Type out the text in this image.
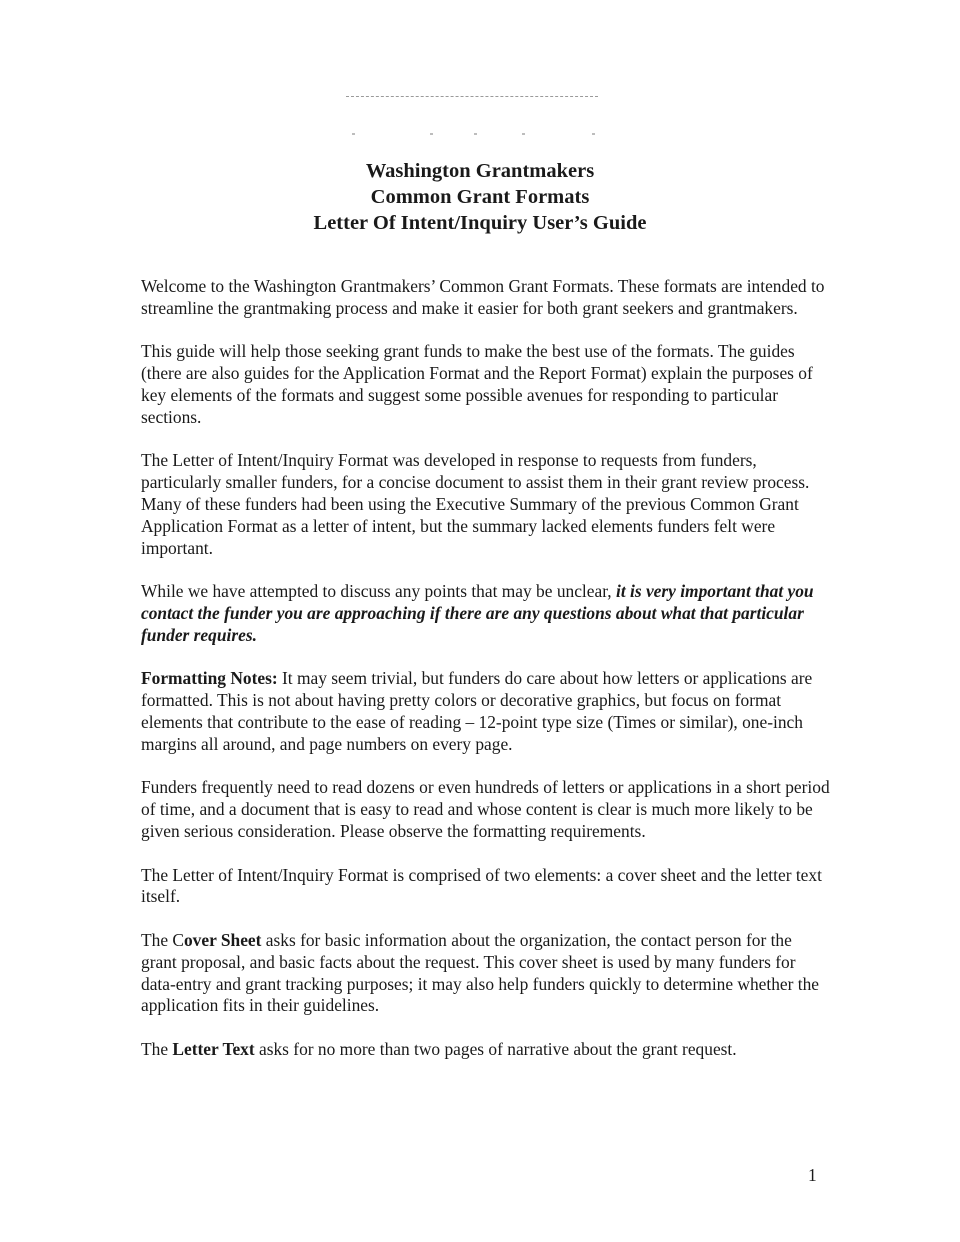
Washington Grantmakers
Common Grant Formats
Letter Of Intent/Inquiry User’s Guide

Welcome to the Washington Grantmakers’ Common Grant Formats. These formats are intended to streamline the grantmaking process and make it easier for both grant seekers and grantmakers.

This guide will help those seeking grant funds to make the best use of the formats. The guides (there are also guides for the Application Format and the Report Format) explain the purposes of key elements of the formats and suggest some possible avenues for responding to particular sections.

The Letter of Intent/Inquiry Format was developed in response to requests from funders, particularly smaller funders, for a concise document to assist them in their grant review process. Many of these funders had been using the Executive Summary of the previous Common Grant Application Format as a letter of intent, but the summary lacked elements funders felt were important.

While we have attempted to discuss any points that may be unclear, it is very important that you contact the funder you are approaching if there are any questions about what that particular funder requires.

Formatting Notes: It may seem trivial, but funders do care about how letters or applications are formatted. This is not about having pretty colors or decorative graphics, but focus on format elements that contribute to the ease of reading – 12-point type size (Times or similar), one-inch margins all around, and page numbers on every page.

Funders frequently need to read dozens or even hundreds of letters or applications in a short period of time, and a document that is easy to read and whose content is clear is much more likely to be given serious consideration. Please observe the formatting requirements.

The Letter of Intent/Inquiry Format is comprised of two elements: a cover sheet and the letter text itself.

The Cover Sheet asks for basic information about the organization, the contact person for the grant proposal, and basic facts about the request. This cover sheet is used by many funders for data-entry and grant tracking purposes; it may also help funders quickly to determine whether the application fits in their guidelines.

The Letter Text asks for no more than two pages of narrative about the grant request.

1
